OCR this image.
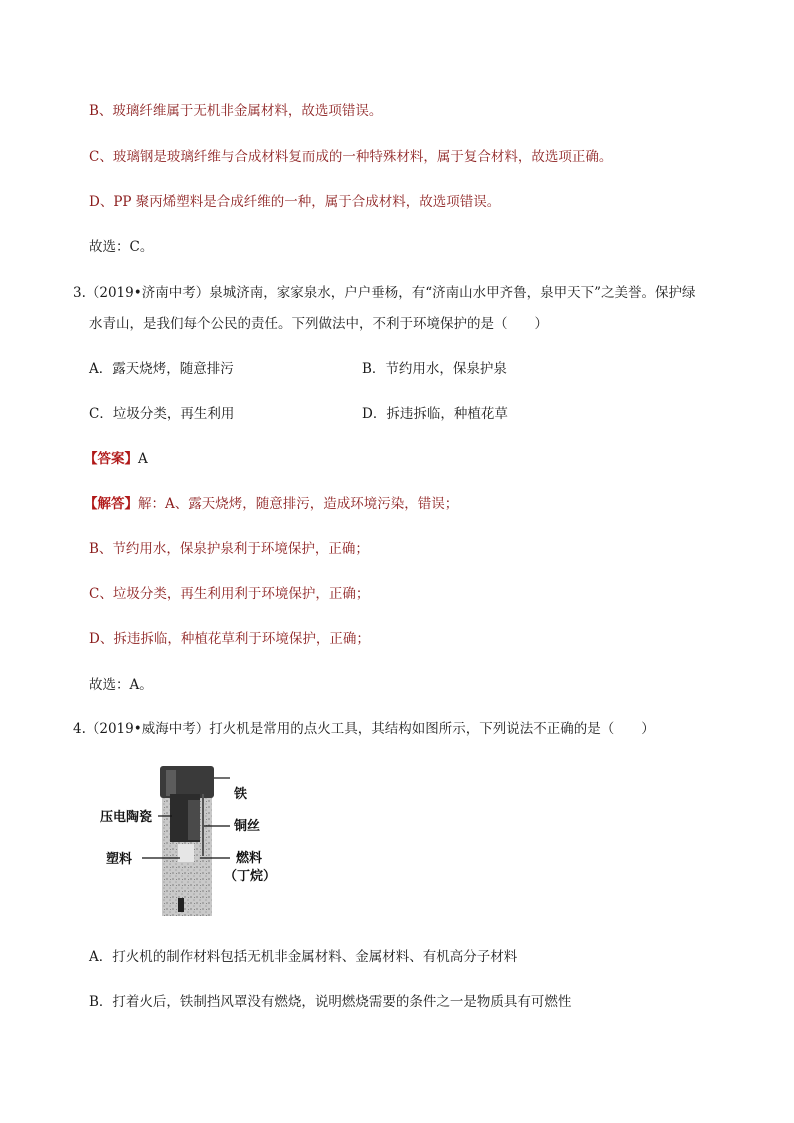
B、玻璃纤维属于无机非金属材料，故选项错误。
C、玻璃钢是玻璃纤维与合成材料复而成的一种特殊材料，属于复合材料，故选项正确。
D、PP 聚丙烯塑料是合成纤维的一种，属于合成材料，故选项错误。
故选：C。
3.（2019•济南中考）泉城济南，家家泉水，户户垂杨，有“济南山水甲齐鲁，泉甲天下”之美誉。保护绿
水青山，是我们每个公民的责任。下列做法中，不利于环境保护的是（　　）
A．露天烧烤，随意排污	B．节约用水，保泉护泉
C．垃圾分类，再生利用	D．拆违拆临，种植花草
【答案】A
【解答】解：A、露天烧烤，随意排污，造成环境污染，错误；
B、节约用水，保泉护泉利于环境保护，正确；
C、垃圾分类，再生利用利于环境保护，正确；
D、拆违拆临，种植花草利于环境保护，正确；
故选：A。
4.（2019•威海中考）打火机是常用的点火工具，其结构如图所示，下列说法不正确的是（　　）
铁
压电陶瓷
铜丝
塑料	燃料
（丁烷）
A．打火机的制作材料包括无机非金属材料、金属材料、有机高分子材料
B．打着火后，铁制挡风罩没有燃烧，说明燃烧需要的条件之一是物质具有可燃性
